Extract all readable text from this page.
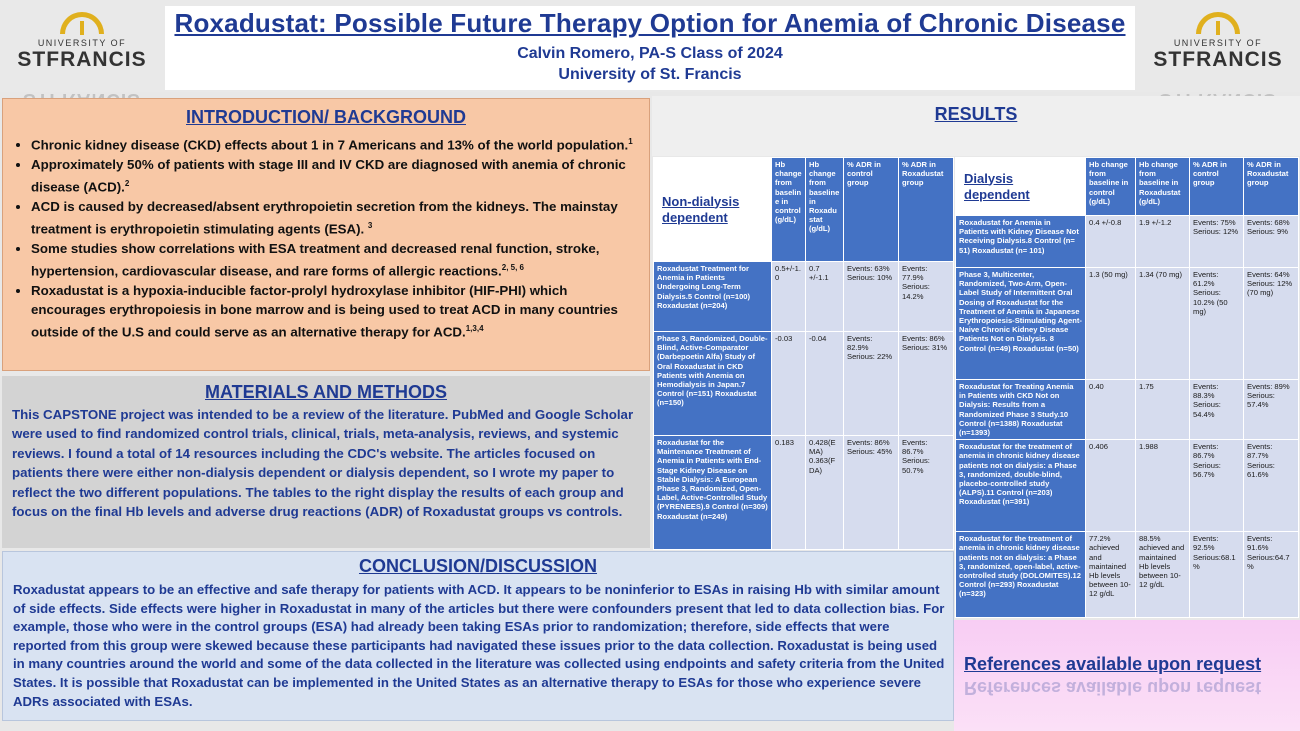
UNIVERSITY OF
STFRANCIS
UNIVERSITY OF
STFRANCIS
Roxadustat: Possible Future Therapy Option for Anemia of Chronic Disease
Calvin Romero, PA-S Class of 2024
University of St. Francis
INTRODUCTION/ BACKGROUND
• Chronic kidney disease (CKD) effects about 1 in 7 Americans and 13% of the world population.$^1$
• Approximately 50% of patients with stage III and IV CKD are diagnosed with anemia of chronic disease (ACD).$^2$
• ACD is caused by decreased/absent erythropoietin secretion from the kidneys. The mainstay treatment is erythropoietin stimulating agents (ESA). $^3$
• Some studies show correlations with ESA treatment and decreased renal function, stroke, hypertension, cardiovascular disease, and rare forms of allergic reactions.$^{2, 5, 6}$
• Roxadustat is a hypoxia-inducible factor-prolyl hydroxylase inhibitor (HIF-PHI) which encourages erythropoiesis in bone marrow and is being used to treat ACD in many countries outside of the U.S and could serve as an alternative therapy for ACD.$^{1,3,4}$
MATERIALS AND METHODS

This CAPSTONE project was intended to be a review of the literature. PubMed and Google Scholar were used to find randomized control trials, clinical, trials, meta-analysis, reviews, and systemic reviews. I found a total of 14 resources including the CDC's website. The articles focused on patients there were either non-dialysis dependent or dialysis dependent, so I wrote my paper to reflect the two different populations. The tables to the right display the results of each group and focus on the final Hb levels and adverse drug reactions (ADR) of Roxadustat groups vs controls.

RESULTS
Non-dialysis dependent	Hb change from baseline in control (g/dL)	Hb change from baseline in Roxadustat (g/dL)	% ADR in control group	% ADR in Roxadustat group
Roxadustat Treatment for Anemia in Patients Undergoing Long-Term Dialysis.5 Control (n=100) Roxadustat (n=204)	0.5+/-1.0	0.7 +/-1.1	Events: 63% Serious: 10%	Events: 77.9% Serious: 14.2%
Phase 3, Randomized, Double-Blind, Active-Comparator (Darbepoetin Alfa) Study of Oral Roxadustat in CKD Patients with Anemia on Hemodialysis in Japan.7 Control (n=151) Roxadustat (n=150)	-0.03	-0.04	Events: 82.9% Serious: 22%	Events: 86% Serious: 31%
Roxadustat for the Maintenance Treatment of Anemia in Patients with End-Stage Kidney Disease on Stable Dialysis: A European Phase 3, Randomized, Open-Label, Active-Controlled Study (PYRENEES).9 Control (n=309) Roxadustat (n=249)	0.183	0.428(EMA) 0.363(FDA)	Events: 86% Serious: 45%	Events: 86.7% Serious: 50.7%
Dialysis dependent	Hb change from baseline in control (g/dL)	Hb change from baseline in Roxadustat (g/dL)	% ADR in control group	% ADR in Roxadustat group
Roxadustat for Anemia in Patients with Kidney Disease Not Receiving Dialysis.8 Control (n= 51) Roxadustat (n= 101)	0.4 +/-0.8	1.9 +/-1.2	Events: 75% Serious: 12%	Events: 68% Serious: 9%
Phase 3, Multicenter, Randomized, Two-Arm, Open-Label Study of Intermittent Oral Dosing of Roxadustat for the Treatment of Anemia in Japanese Erythropoiesis-Stimulating Agent-Naive Chronic Kidney Disease Patients Not on Dialysis. 8 Control (n=49) Roxadustat (n=50)	1.3 (50 mg)	1.34 (70 mg)	Events: 61.2% Serious: 10.2% (50 mg)	Events: 64% Serious: 12% (70 mg)
Roxadustat for Treating Anemia in Patients with CKD Not on Dialysis: Results from a Randomized Phase 3 Study.10 Control (n=1388) Roxadustat (n=1393)	0.40	1.75	Events: 88.3% Serious: 54.4%	Events: 89% Serious: 57.4%
Roxadustat for the treatment of anemia in chronic kidney disease patients not on dialysis: a Phase 3, randomized, double-blind, placebo-controlled study (ALPS).11 Control (n=203) Roxadustat (n=391)	0.406	1.988	Events: 86.7% Serious: 56.7%	Events: 87.7% Serious: 61.6%
Roxadustat for the treatment of anemia in chronic kidney disease patients not on dialysis: a Phase 3, randomized, open-label, active-controlled study (DOLOMITES).12 Control (n=293) Roxadustat (n=323)	77.2% achieved and maintained Hb levels between 10-12 g/dL	88.5% achieved and maintained Hb levels between 10-12 g/dL	Events: 92.5% Serious:68.1%	Events: 91.6% Serious:64.7%
CONCLUSION/DISCUSSION

Roxadustat appears to be an effective and safe therapy for patients with ACD. It appears to be noninferior to ESAs in raising Hb with similar amount of side effects. Side effects were higher in Roxadustat in many of the articles but there were confounders present that led to data collection bias. For example, those who were in the control groups (ESA) had already been taking ESAs prior to randomization; therefore, side effects that were reported from this group were skewed because these participants had navigated these issues prior to the data collection. Roxadustat is being used in many countries around the world and some of the data collected in the literature was collected using endpoints and safety criteria from the United States. It is possible that Roxadustat can be implemented in the United States as an alternative therapy to ESAs for those who experience severe ADRs associated with ESAs.

References available upon request
References available upon request
